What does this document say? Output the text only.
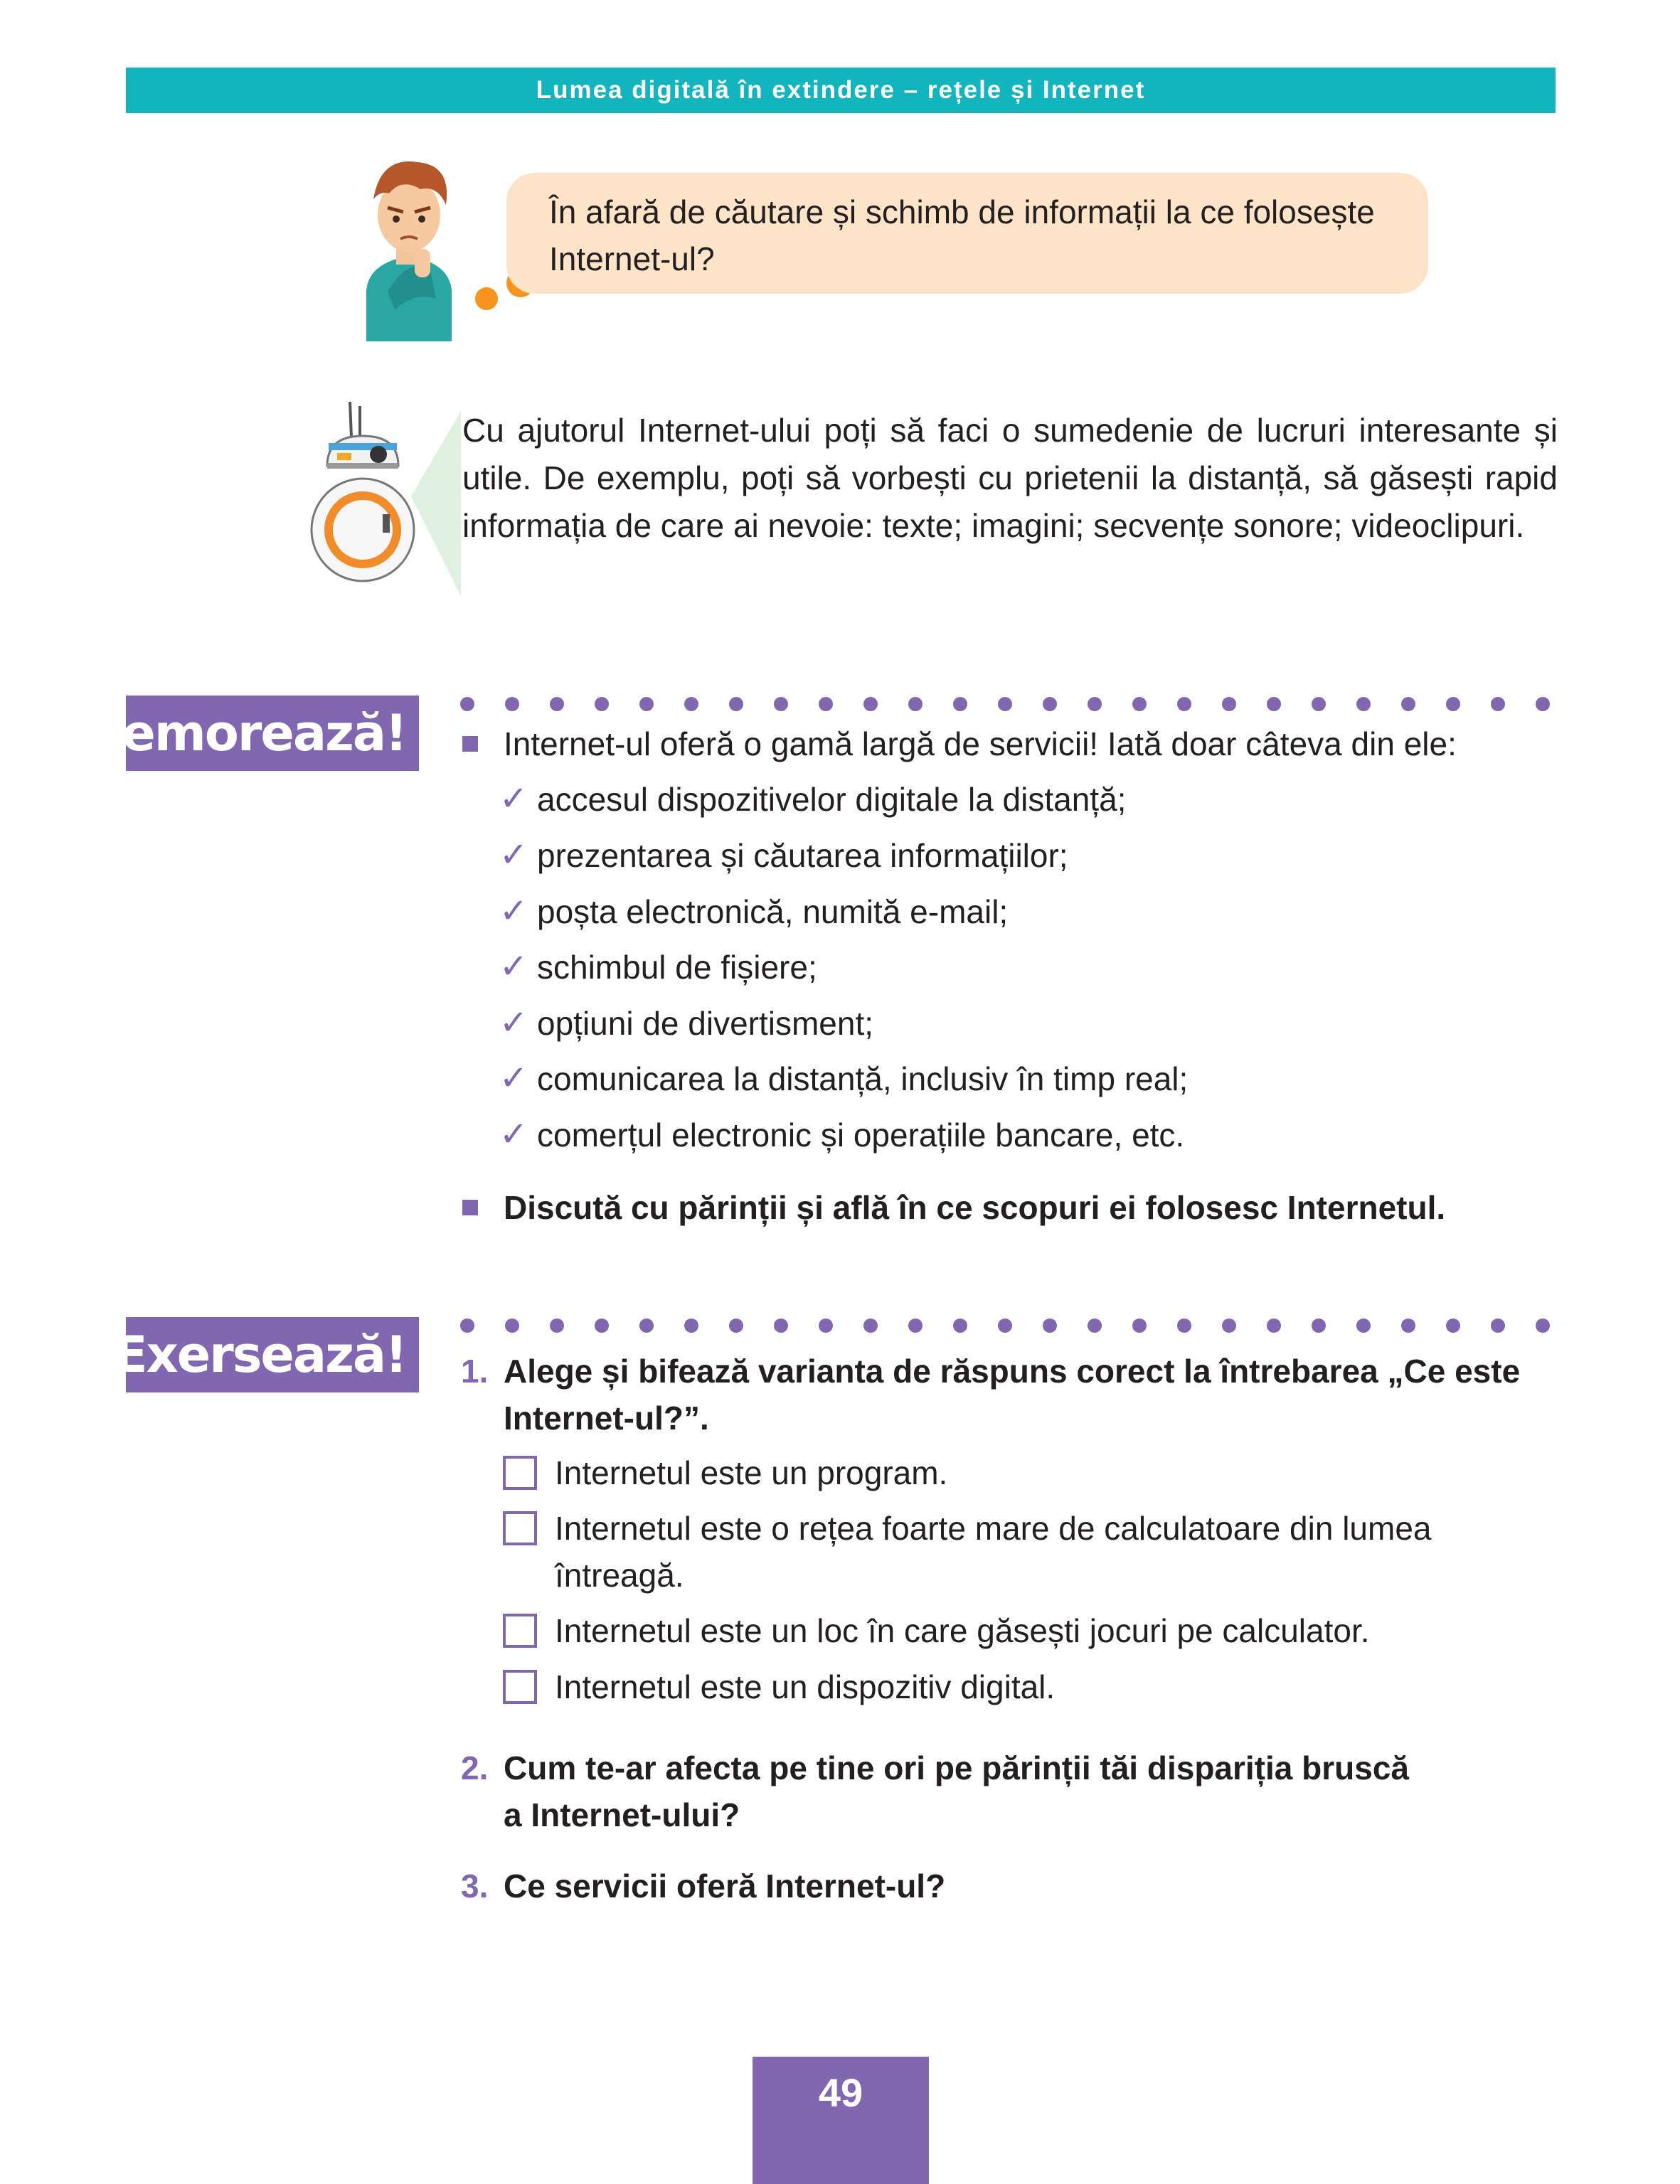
Lumea digitală în extindere – rețele și Internet
În afară de căutare și schimb de informații la ce folosește Internet-ul?
Cu ajutorul Internet-ului poți să faci o sumedenie de lucruri interesante și utile. De exemplu, poți să vorbești cu prietenii la distanță, să găsești rapid informația de care ai nevoie: texte; imagini; secvențe sonore; videoclipuri.
Memorează!	Internet-ul oferă o gamă largă de servicii! Iată doar câteva din ele:
✓ accesul dispozitivelor digitale la distanță;
✓ prezentarea și căutarea informațiilor;
✓ poșta electronică, numită e-mail;
✓ schimbul de fișiere;
✓ opțiuni de divertisment;
✓ comunicarea la distanță, inclusiv în timp real;
✓ comerțul electronic și operațiile bancare, etc.
Discută cu părinții și află în ce scopuri ei folosesc Internetul.
Exersează! 1. Alege și bifează varianta de răspuns corect la întrebarea „Ce este
Internet-ul?”.
Internetul este un program.
Internetul este o rețea foarte mare de calculatoare din lumea
întreagă.
Internetul este un loc în care găsești jocuri pe calculator.
Internetul este un dispozitiv digital.
2. Cum te-ar afecta pe tine ori pe părinții tăi dispariția bruscă
a Internet-ului?
3. Ce servicii oferă Internet-ul?
49
